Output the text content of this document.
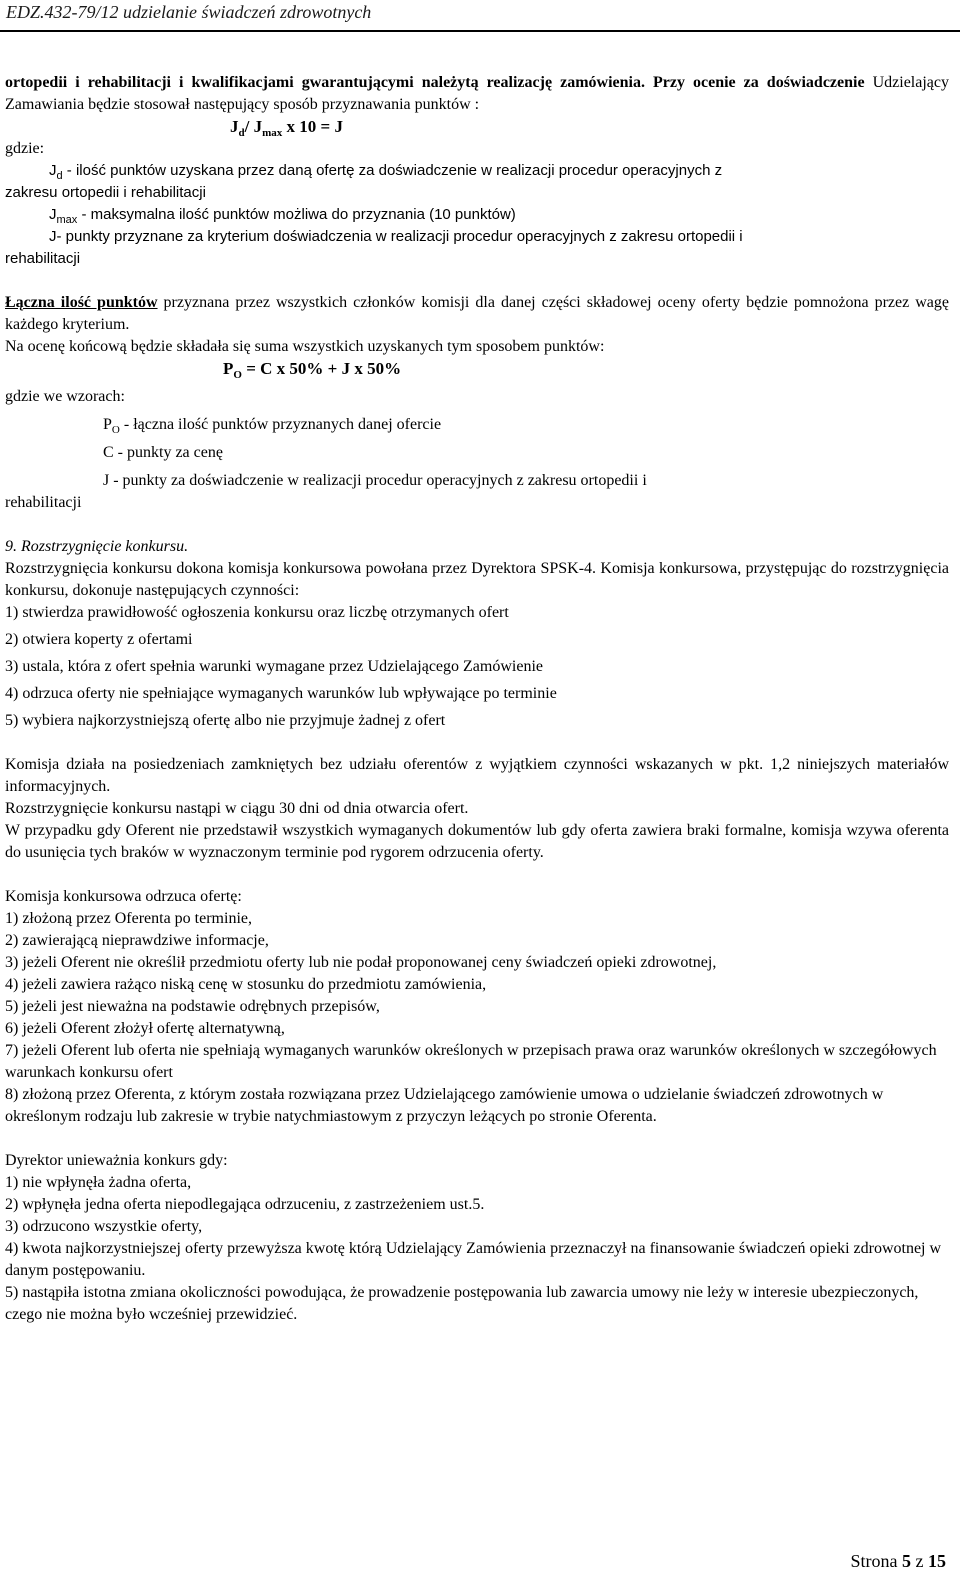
EDZ.432-79/12 udzielanie świadczeń zdrowotnych

ortopedii i rehabilitacji i kwalifikacjami gwarantującymi należytą realizację zamówienia. Przy ocenie za doświadczenie Udzielający Zamawiania będzie stosował następujący sposób przyznawania punktów :

$J_d/$ $J_{max}$ x 10 = J

gdzie:

$J_d$ - ilość punktów uzyskana przez daną ofertę za doświadczenie w realizacji procedur operacyjnych z

zakresu ortopedii i rehabilitacji

$J_{max}$ - maksymalna ilość punktów możliwa do przyznania (10 punktów)

J- punkty przyznane za kryterium doświadczenia w realizacji procedur operacyjnych z zakresu ortopedii i

rehabilitacji

Łączna ilość punktów przyznana przez wszystkich członków komisji dla danej części składowej oceny oferty będzie pomnożona przez wagę każdego kryterium.

Na ocenę końcową będzie składała się suma wszystkich uzyskanych tym sposobem punktów:

$P_O = C$ x 50% + J x 50%

gdzie we wzorach:

$P_O$ - łączna ilość punktów przyznanych danej ofercie

C - punkty za cenę

J - punkty za doświadczenie w realizacji procedur operacyjnych z zakresu ortopedii i

rehabilitacji

9. Rozstrzygnięcie konkursu.

Rozstrzygnięcia konkursu dokona komisja konkursowa powołana przez Dyrektora SPSK-4. Komisja konkursowa, przystępując do rozstrzygnięcia konkursu, dokonuje następujących czynności:

1) stwierdza prawidłowość ogłoszenia konkursu oraz liczbę otrzymanych ofert

2) otwiera koperty z ofertami

3) ustala, która z ofert spełnia warunki wymagane przez Udzielającego Zamówienie

4) odrzuca oferty nie spełniające wymaganych warunków lub wpływające po terminie

5) wybiera najkorzystniejszą ofertę albo nie przyjmuje żadnej z ofert

Komisja działa na posiedzeniach zamkniętych bez udziału oferentów z wyjątkiem czynności wskazanych w pkt. 1,2 niniejszych materiałów informacyjnych.

Rozstrzygnięcie konkursu nastąpi w ciągu 30 dni od dnia otwarcia ofert.

W przypadku gdy Oferent nie przedstawił wszystkich wymaganych dokumentów lub gdy oferta zawiera braki formalne, komisja wzywa oferenta do usunięcia tych braków w wyznaczonym terminie pod rygorem odrzucenia oferty.

Komisja konkursowa odrzuca ofertę:

1) złożoną przez Oferenta po terminie,

2) zawierającą nieprawdziwe informacje,

3) jeżeli Oferent nie określił przedmiotu oferty lub nie podał proponowanej ceny świadczeń opieki zdrowotnej,

4) jeżeli zawiera rażąco niską cenę w stosunku do przedmiotu zamówienia,

5) jeżeli jest nieważna na podstawie odrębnych przepisów,

6) jeżeli Oferent złożył ofertę alternatywną,

7) jeżeli Oferent lub oferta nie spełniają wymaganych warunków określonych w przepisach prawa oraz warunków określonych w szczegółowych warunkach konkursu ofert

8) złożoną przez Oferenta, z którym została rozwiązana przez Udzielającego zamówienie umowa o udzielanie świadczeń zdrowotnych w określonym rodzaju lub zakresie w trybie natychmiastowym z przyczyn leżących po stronie Oferenta.

Dyrektor unieważnia konkurs gdy:

1) nie wpłynęła żadna oferta,

2) wpłynęła jedna oferta niepodlegająca odrzuceniu, z zastrzeżeniem ust.5.

3) odrzucono wszystkie oferty,

4) kwota najkorzystniejszej oferty przewyższa kwotę którą Udzielający Zamówienia przeznaczył na finansowanie świadczeń opieki zdrowotnej w danym postępowaniu.

5) nastąpiła istotna zmiana okoliczności powodująca, że prowadzenie postępowania lub zawarcia umowy nie leży w interesie ubezpieczonych, czego nie można było wcześniej przewidzieć.

Strona 5 z 15
